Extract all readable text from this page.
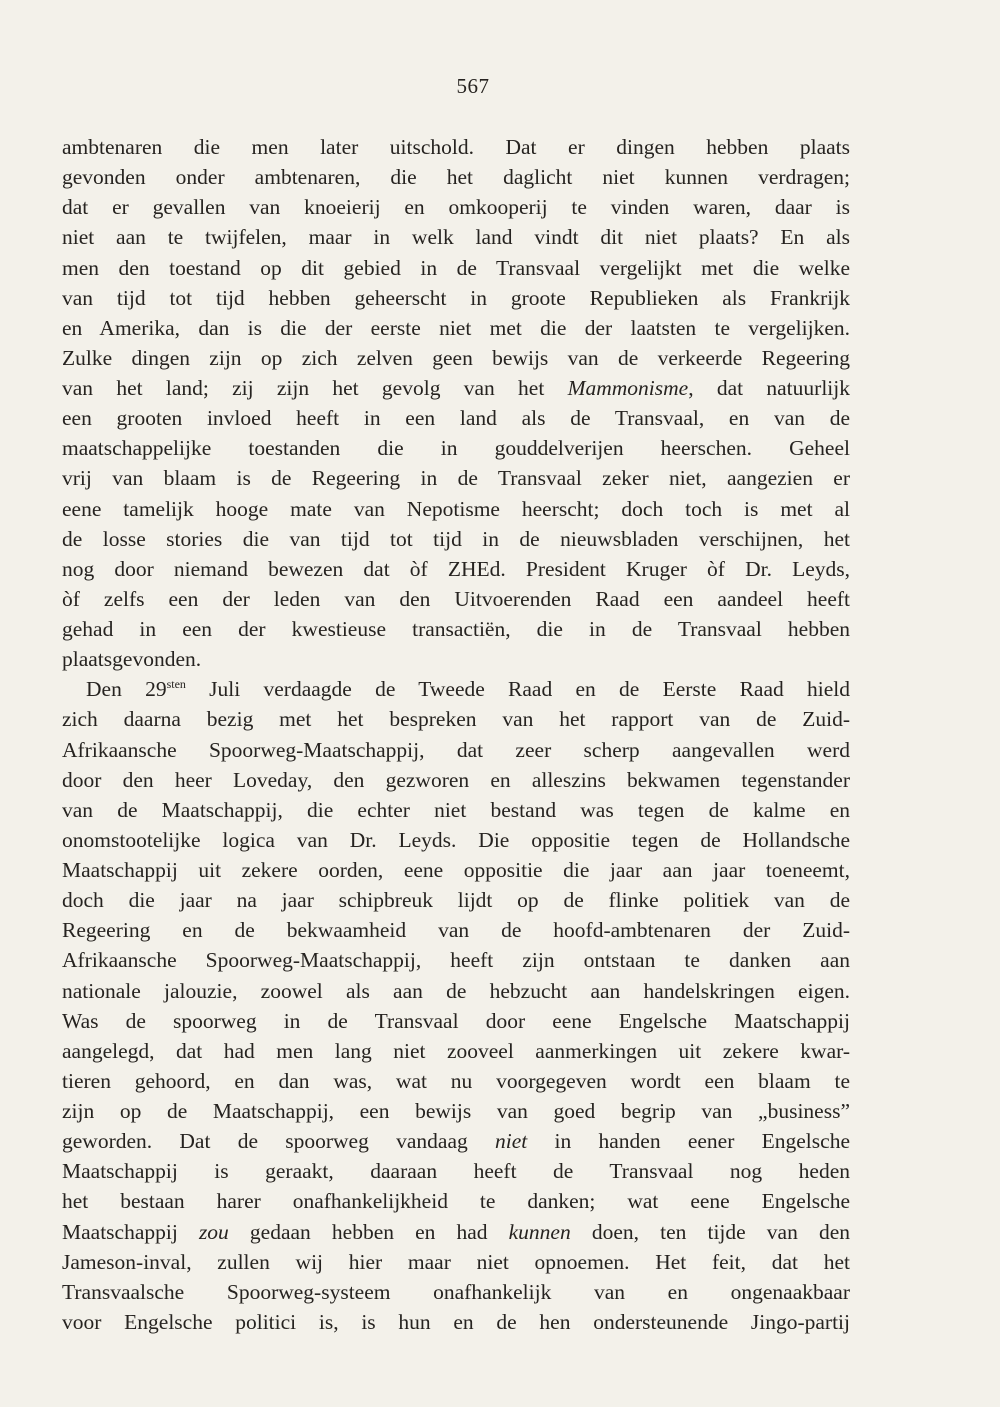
567
ambtenaren die men later uitschold. Dat er dingen hebben plaats
gevonden onder ambtenaren, die het daglicht niet kunnen verdragen;
dat er gevallen van knoeierij en omkooperij te vinden waren, daar is
niet aan te twijfelen, maar in welk land vindt dit niet plaats? En als
men den toestand op dit gebied in de Transvaal vergelijkt met die welke
van tijd tot tijd hebben geheerscht in groote Republieken als Frankrijk
en Amerika, dan is die der eerste niet met die der laatsten te vergelijken.
Zulke dingen zijn op zich zelven geen bewijs van de verkeerde Regeering
van het land; zij zijn het gevolg van het Mammonisme, dat natuurlijk
een grooten invloed heeft in een land als de Transvaal, en van de
maatschappelijke toestanden die in gouddelverijen heerschen. Geheel
vrij van blaam is de Regeering in de Transvaal zeker niet, aangezien er
eene tamelijk hooge mate van Nepotisme heerscht; doch toch is met al
de losse stories die van tijd tot tijd in de nieuwsbladen verschijnen, het
nog door niemand bewezen dat òf ZHEd. President Kruger òf Dr. Leyds,
òf zelfs een der leden van den Uitvoerenden Raad een aandeel heeft
gehad in een der kwestieuse transactiën, die in de Transvaal hebben
plaatsgevonden.
Den $29^{sten}$ Juli verdaagde de Tweede Raad en de Eerste Raad hield
zich daarna bezig met het bespreken van het rapport van de Zuid-
Afrikaansche Spoorweg-Maatschappij, dat zeer scherp aangevallen werd
door den heer Loveday, den gezworen en alleszins bekwamen tegenstander
van de Maatschappij, die echter niet bestand was tegen de kalme en
onomstootelijke logica van Dr. Leyds. Die oppositie tegen de Hollandsche
Maatschappij uit zekere oorden, eene oppositie die jaar aan jaar toeneemt,
doch die jaar na jaar schipbreuk lijdt op de flinke politiek van de
Regeering en de bekwaamheid van de hoofd-ambtenaren der Zuid-
Afrikaansche Spoorweg-Maatschappij, heeft zijn ontstaan te danken aan
nationale jalouzie, zoowel als aan de hebzucht aan handelskringen eigen.
Was de spoorweg in de Transvaal door eene Engelsche Maatschappij
aangelegd, dat had men lang niet zooveel aanmerkingen uit zekere kwar-
tieren gehoord, en dan was, wat nu voorgegeven wordt een blaam te
zijn op de Maatschappij, een bewijs van goed begrip van „business”
geworden. Dat de spoorweg vandaag niet in handen eener Engelsche
Maatschappij is geraakt, daaraan heeft de Transvaal nog heden
het bestaan harer onafhankelijkheid te danken; wat eene Engelsche
Maatschappij zou gedaan hebben en had kunnen doen, ten tijde van den
Jameson-inval, zullen wij hier maar niet opnoemen. Het feit, dat het
Transvaalsche Spoorweg-systeem onafhankelijk van en ongenaakbaar
voor Engelsche politici is, is hun en de hen ondersteunende Jingo-partij
